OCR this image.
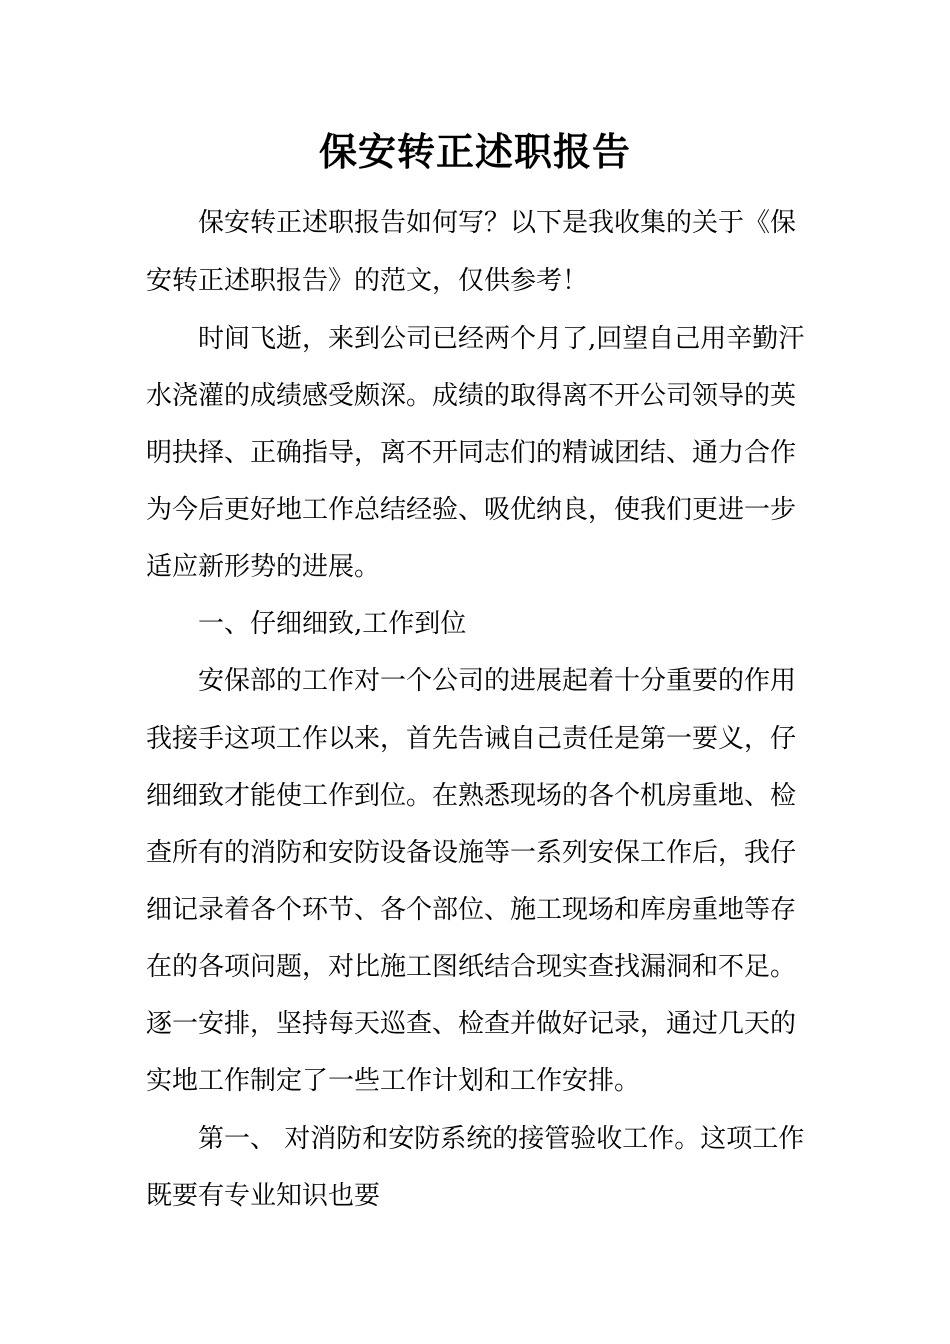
保安转正述职报告
保安转正述职报告如何写？以下是我收集的关于《保
安转正述职报告》的范文，仅供参考！
时间飞逝，来到公司已经两个月了,回望自己用辛勤汗
水浇灌的成绩感受颇深。成绩的取得离不开公司领导的英
明抉择、正确指导，离不开同志们的精诚团结、通力合作
为今后更好地工作总结经验、吸优纳良，使我们更进一步
适应新形势的进展。
一、仔细细致,工作到位
安保部的工作对一个公司的进展起着十分重要的作用
我接手这项工作以来，首先告诫自己责任是第一要义，仔
细细致才能使工作到位。在熟悉现场的各个机房重地、检
查所有的消防和安防设备设施等一系列安保工作后，我仔
细记录着各个环节、各个部位、施工现场和库房重地等存
在的各项问题，对比施工图纸结合现实查找漏洞和不足。
逐一安排，坚持每天巡查、检查并做好记录，通过几天的
实地工作制定了一些工作计划和工作安排。
第一、 对消防和安防系统的接管验收工作。这项工作
既要有专业知识也要
